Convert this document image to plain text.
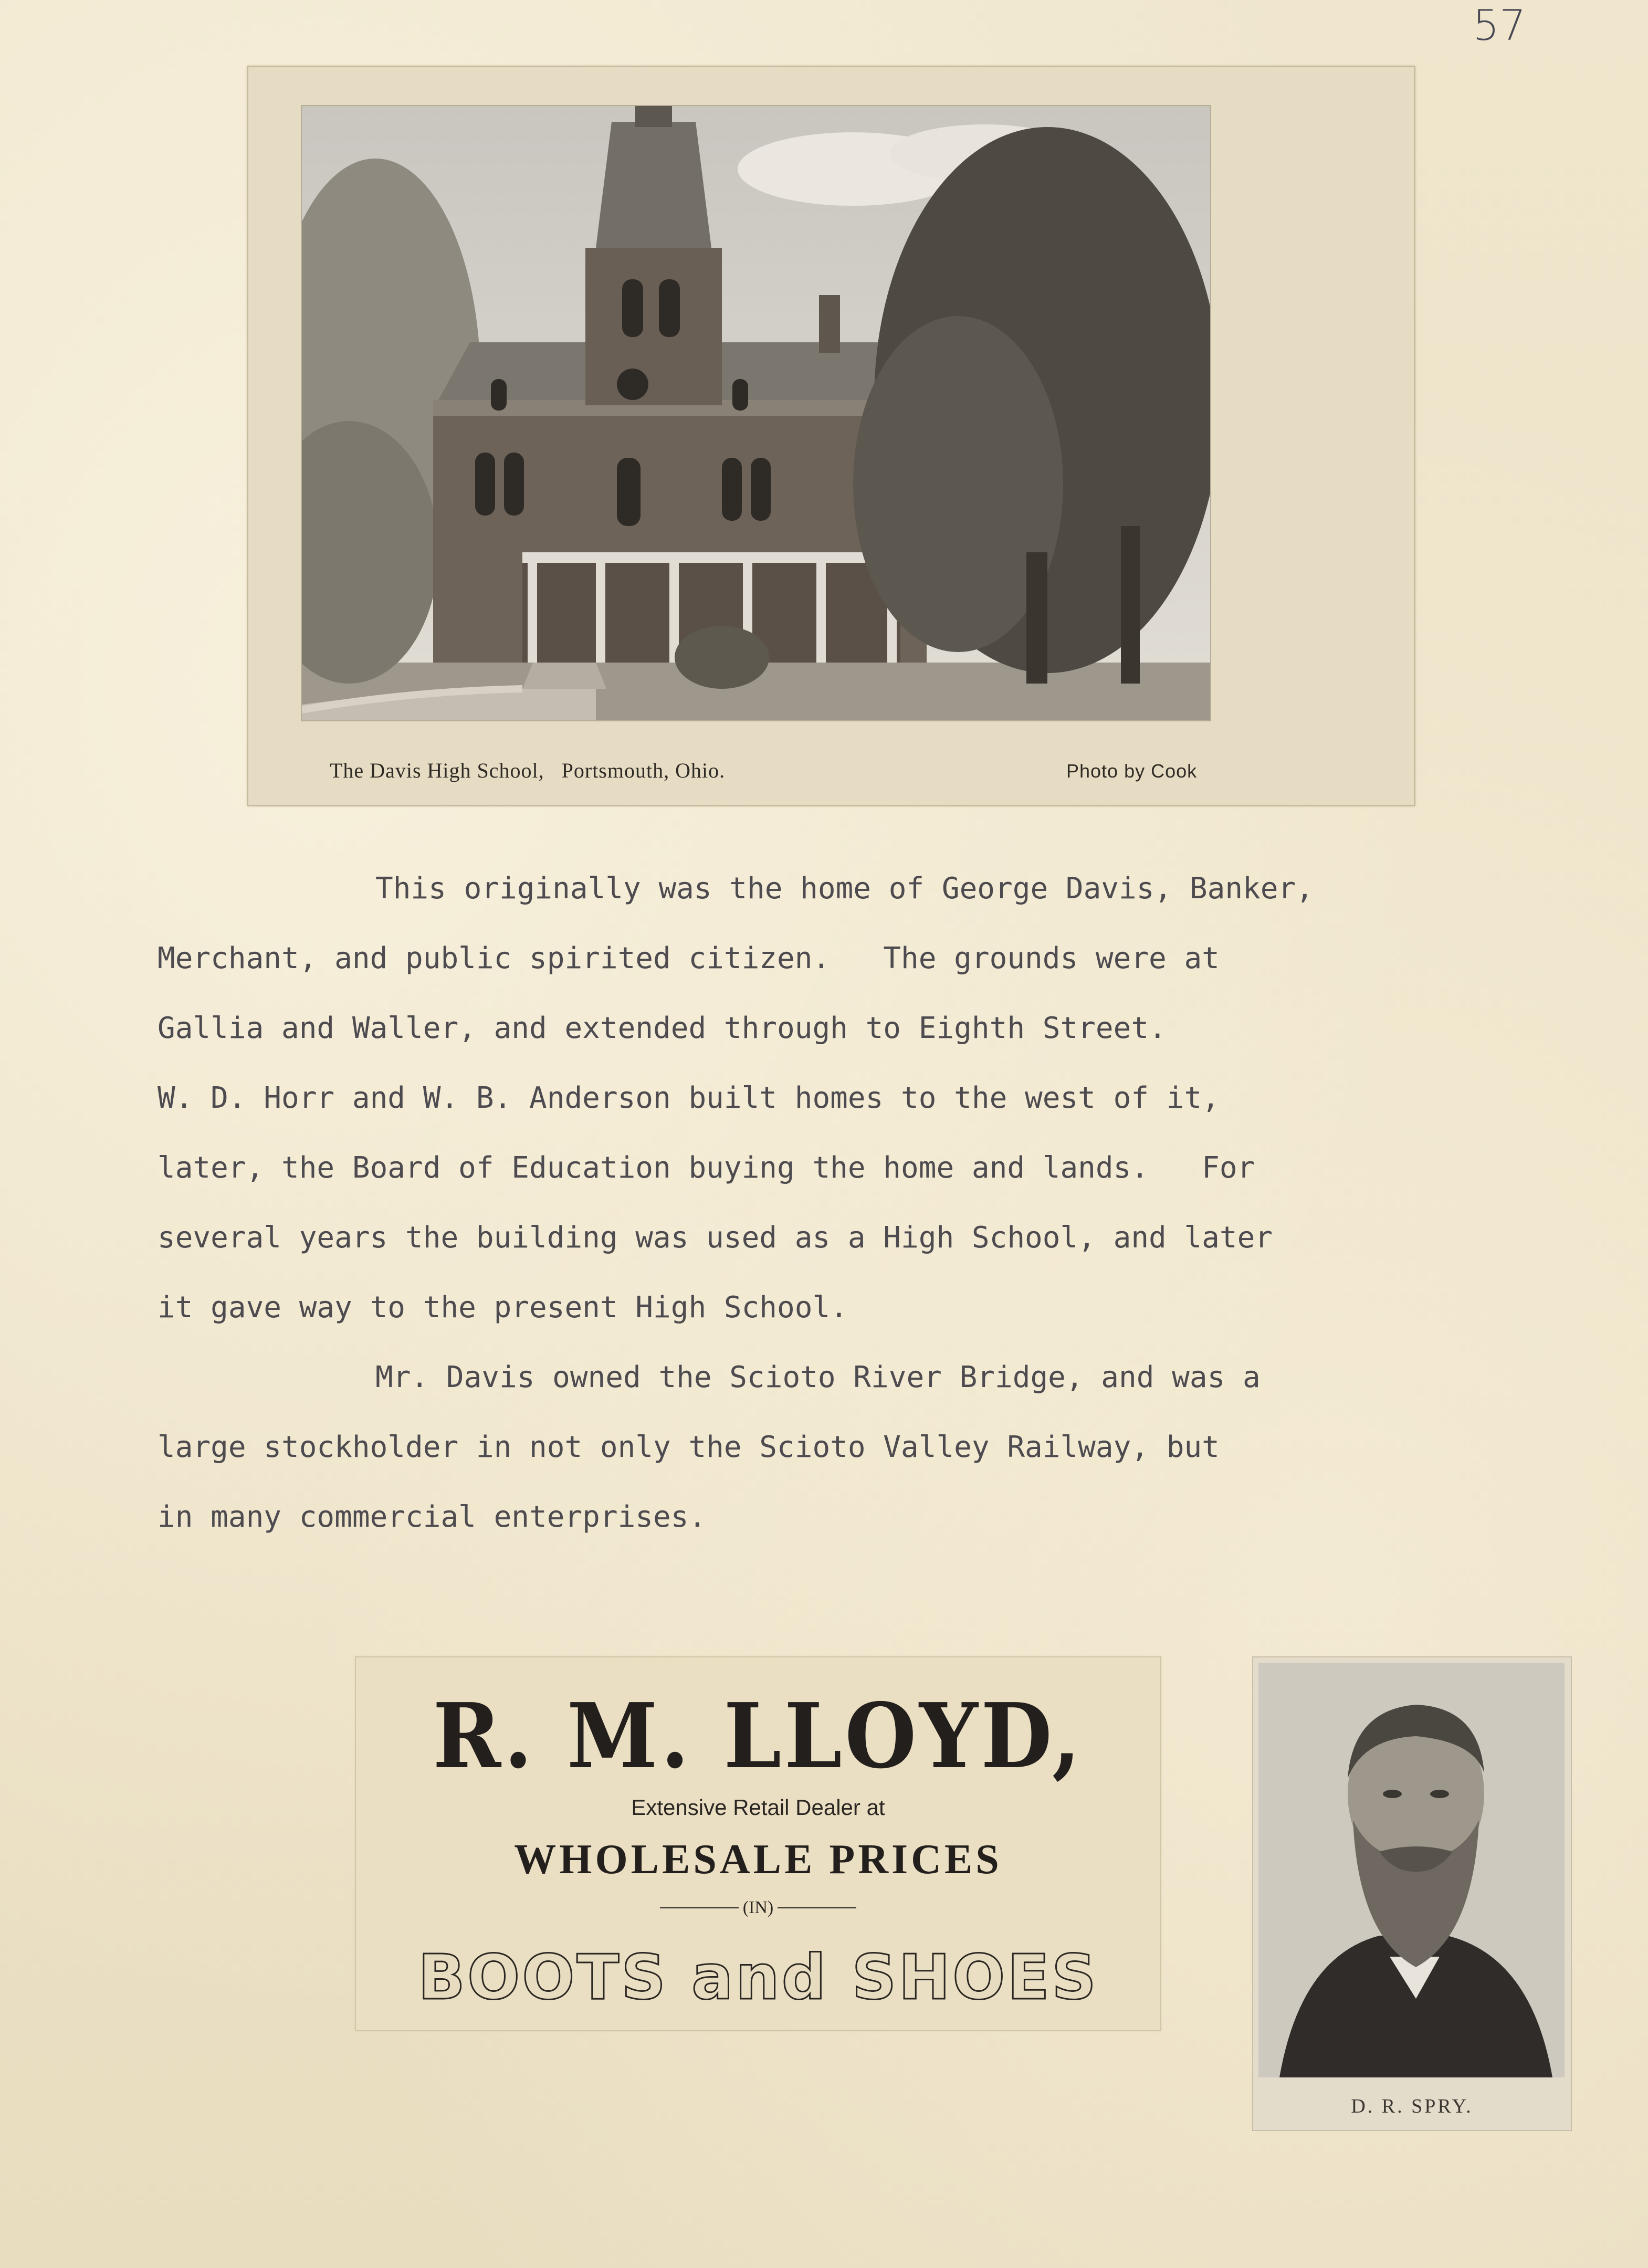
57
The Davis High School,   Portsmouth, Ohio.	Photo by Cook
This originally was the home of George Davis, Banker,
Merchant, and public spirited citizen.   The grounds were at
Gallia and Waller, and extended through to Eighth Street.
W. D. Horr and W. B. Anderson built homes to the west of it,
later, the Board of Education buying the home and lands.   For
several years the building was used as a High School, and later
it gave way to the present High School.
Mr. Davis owned the Scioto River Bridge, and was a
large stockholder in not only the Scioto Valley Railway, but
in many commercial enterprises.
R. M. LLOYD,
Extensive Retail Dealer at
WHOLESALE PRICES
(IN)
BOOTS and SHOES
D. R. SPRY.
